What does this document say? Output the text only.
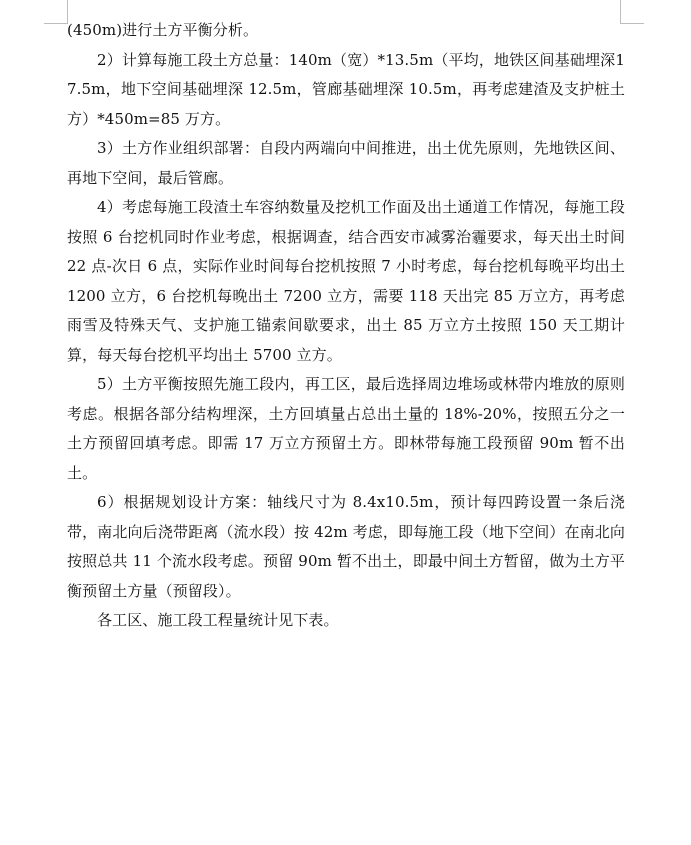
(450m)进行土方平衡分析。

2）计算每施工段土方总量：140m（宽）*13.5m（平均，地铁区间基础埋深17.5m，地下空间基础埋深 12.5m，管廊基础埋深 10.5m，再考虑建渣及支护桩土方）*450m=85 万方。

3）土方作业组织部署：自段内两端向中间推进，出土优先原则，先地铁区间、再地下空间，最后管廊。

4）考虑每施工段渣土车容纳数量及挖机工作面及出土通道工作情况，每施工段按照 6 台挖机同时作业考虑，根据调查，结合西安市减雾治霾要求，每天出土时间 22 点-次日 6 点，实际作业时间每台挖机按照 7 小时考虑，每台挖机每晚平均出土 1200 立方，6 台挖机每晚出土 7200 立方，需要 118 天出完 85 万立方，再考虑雨雪及特殊天气、支护施工锚索间歇要求，出土 85 万立方土按照 150 天工期计算，每天每台挖机平均出土 5700 立方。

5）土方平衡按照先施工段内，再工区，最后选择周边堆场或林带内堆放的原则考虑。根据各部分结构埋深，土方回填量占总出土量的 18%-20%，按照五分之一土方预留回填考虑。即需 17 万立方预留土方。即林带每施工段预留 90m 暂不出土。

6）根据规划设计方案：轴线尺寸为 8.4x10.5m，预计每四跨设置一条后浇带，南北向后浇带距离（流水段）按 42m 考虑，即每施工段（地下空间）在南北向按照总共 11 个流水段考虑。预留 90m 暂不出土，即最中间土方暂留，做为土方平衡预留土方量（预留段）。

各工区、施工段工程量统计见下表。
